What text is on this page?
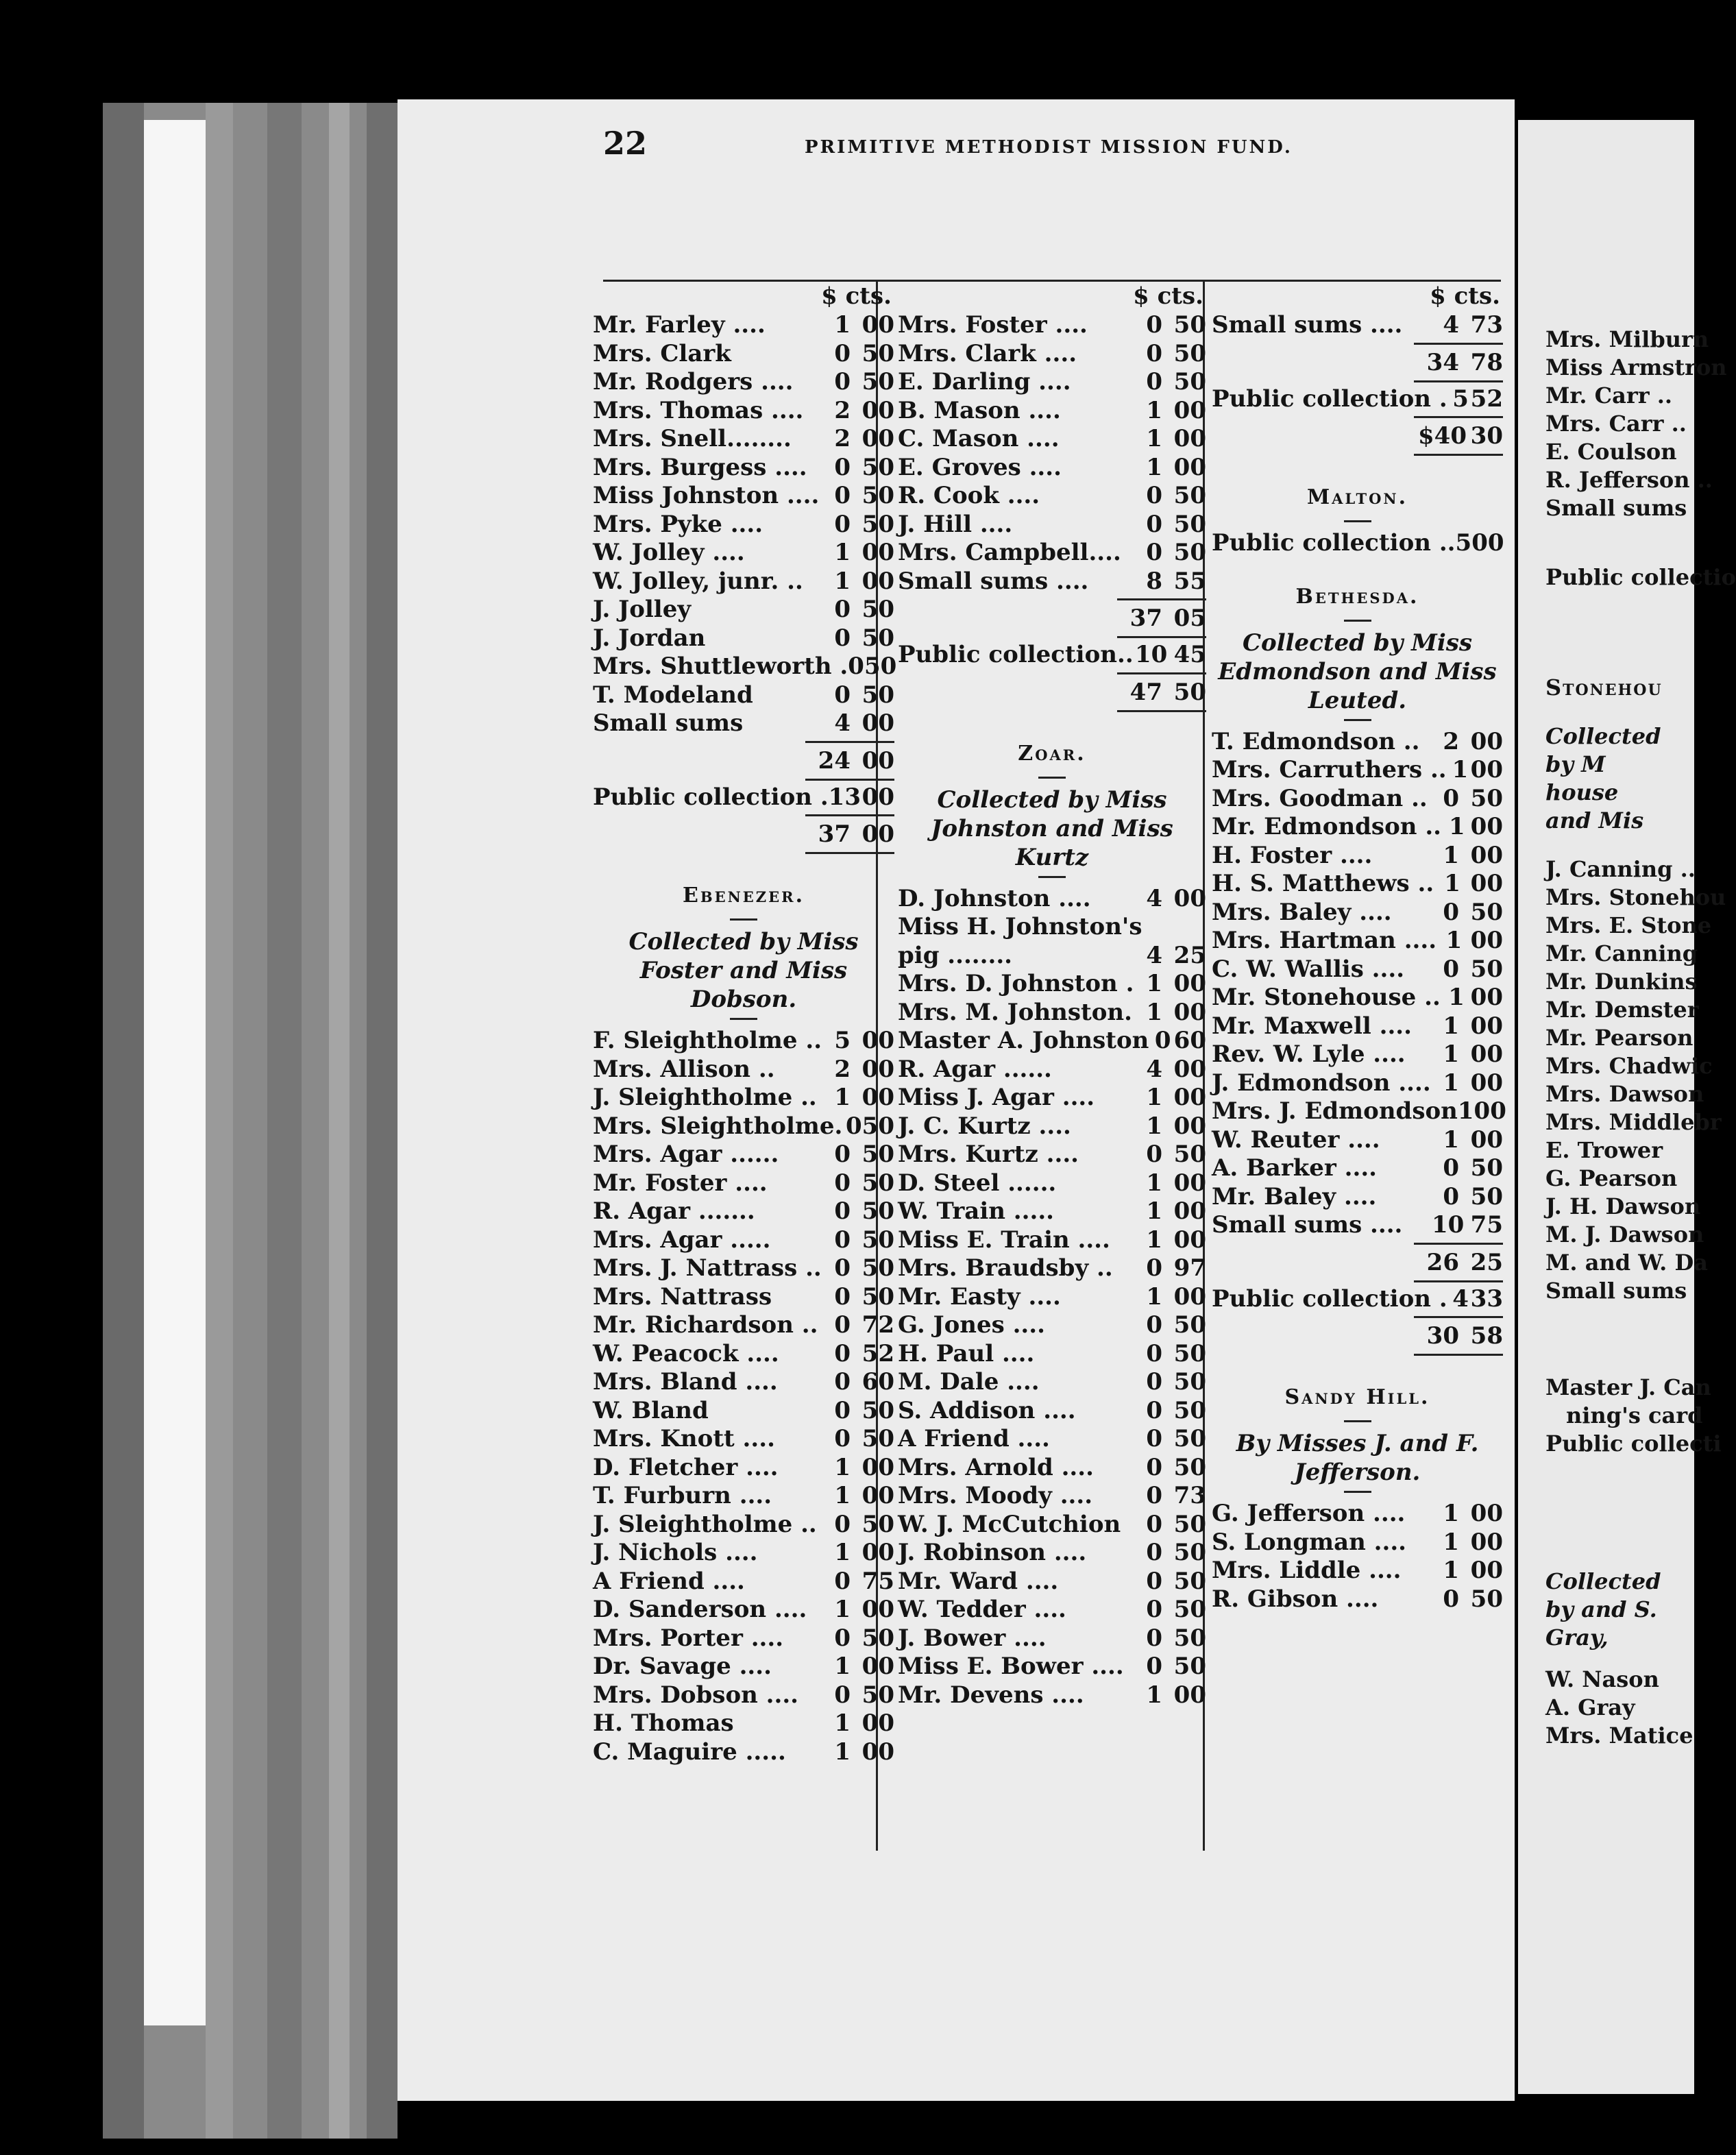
Mrs. Milburn
Miss Armstron
Mr. Carr ..
Mrs. Carr ..
E. Coulson
R. Jefferson ..
Small sums
Public collectio
Stonehou
Collected by M house and Mis
J. Canning ..
Mrs. Stonehou
Mrs. E. Stone
Mr. Canning
Mr. Dunkins
Mr. Demster
Mr. Pearson
Mrs. Chadwic
Mrs. Dawson
Mrs. Middlebr
E. Trower
G. Pearson
J. H. Dawson
M. J. Dawson
M. and W. Da
Small sums
Master J. Can
ning's card
Public collecti
Collected by and S. Gray,
W. Nason
A. Gray
Mrs. Matice
22	PRIMITIVE METHODIST MISSION FUND.
$ cts.
Mr. Farley ....	1 00
Mrs. Clark	0 50
Mr. Rodgers ....	0 50
Mrs. Thomas ....	2 00
Mrs. Snell........	2 00
Mrs. Burgess ....	0 50
Miss Johnston .... 0 50
Mrs. Pyke ....	0 50
W. Jolley ....	1 00
W. Jolley, junr. ..	1 00
J. Jolley	0 50
J. Jordan	0 50
Mrs. Shuttleworth . 0 50
T. Modeland	0 50
Small sums	4 00
24 00
Public collection . 13 00
37 00
Ebenezer.
Collected by Miss Foster and Miss Dobson.
F. Sleightholme .. 5 00
Mrs. Allison ..	2 00
J. Sleightholme .. 1 00
Mrs. Sleightholme. 0 50
Mrs. Agar ......	0 50
Mr. Foster ....	0 50
R. Agar .......	0 50
Mrs. Agar .....	0 50
Mrs. J. Nattrass .. 0 50
Mrs. Nattrass	0 50
Mr. Richardson .. 0 72
W. Peacock ....	0 52
Mrs. Bland ....	0 60
W. Bland	0 50
Mrs. Knott ....	0 50
D. Fletcher ....	1 00
T. Furburn ....	1 00
J. Sleightholme .. 0 50
J. Nichols ....	1 00
A Friend ....	0 75
D. Sanderson ....	1 00
Mrs. Porter ....	0 50
Dr. Savage ....	1 00
Mrs. Dobson ....	0 50
H. Thomas	1 00
C. Maguire .....	1 00
$ cts.
Mrs. Foster ....	0 50
Mrs. Clark ....	0 50
E. Darling ....	0 50
B. Mason ....	1 00
C. Mason ....	1 00
E. Groves ....	1 00
R. Cook ....	0 50
J. Hill ....	0 50
Mrs. Campbell....	0 50
Small sums ....	8 55
37 05
Public collection.. 10 45
47 50
Zoar.
Collected by Miss Johnston and Miss Kurtz
D. Johnston ....	4 00
Miss H. Johnston's
pig ........	4 25
Mrs. D. Johnston . 1 00
Mrs. M. Johnston. 1 00
Master A. Johnston 0 60
R. Agar ......	4 00
Miss J. Agar ....	1 00
J. C. Kurtz ....	1 00
Mrs. Kurtz ....	0 50
D. Steel ......	1 00
W. Train .....	1 00
Miss E. Train ....	1 00
Mrs. Braudsby ..	0 97
Mr. Easty ....	1 00
G. Jones ....	0 50
H. Paul ....	0 50
M. Dale ....	0 50
S. Addison ....	0 50
A Friend ....	0 50
Mrs. Arnold ....	0 50
Mrs. Moody ....	0 73
W. J. McCutchion	0 50
J. Robinson ....	0 50
Mr. Ward ....	0 50
W. Tedder ....	0 50
J. Bower ....	0 50
Miss E. Bower .... 0 50
Mr. Devens ....	1 00
$ cts.
Small sums ....	4 73
34 78
Public collection . 5 52
$40 30
Malton.
Public collection .. 5 00
Bethesda.
Collected by Miss Edmondson and Miss Leuted.
T. Edmondson .. 2 00
Mrs. Carruthers .. 1 00
Mrs. Goodman .. 0 50
Mr. Edmondson .. 1 00
H. Foster ....	1 00
H. S. Matthews .. 1 00
Mrs. Baley ....	0 50
Mrs. Hartman .... 1 00
C. W. Wallis ....	0 50
Mr. Stonehouse .. 1 00
Mr. Maxwell ....	1 00
Rev. W. Lyle ....	1 00
J. Edmondson .... 1 00
Mrs. J. Edmondson 1 00
W. Reuter ....	1 00
A. Barker ....	0 50
Mr. Baley ....	0 50
Small sums ....	10 75
26 25
Public collection . 4 33
30 58
Sandy Hill.
By Misses J. and F. Jefferson.
G. Jefferson ....	1 00
S. Longman ....	1 00
Mrs. Liddle ....	1 00
R. Gibson ....	0 50
